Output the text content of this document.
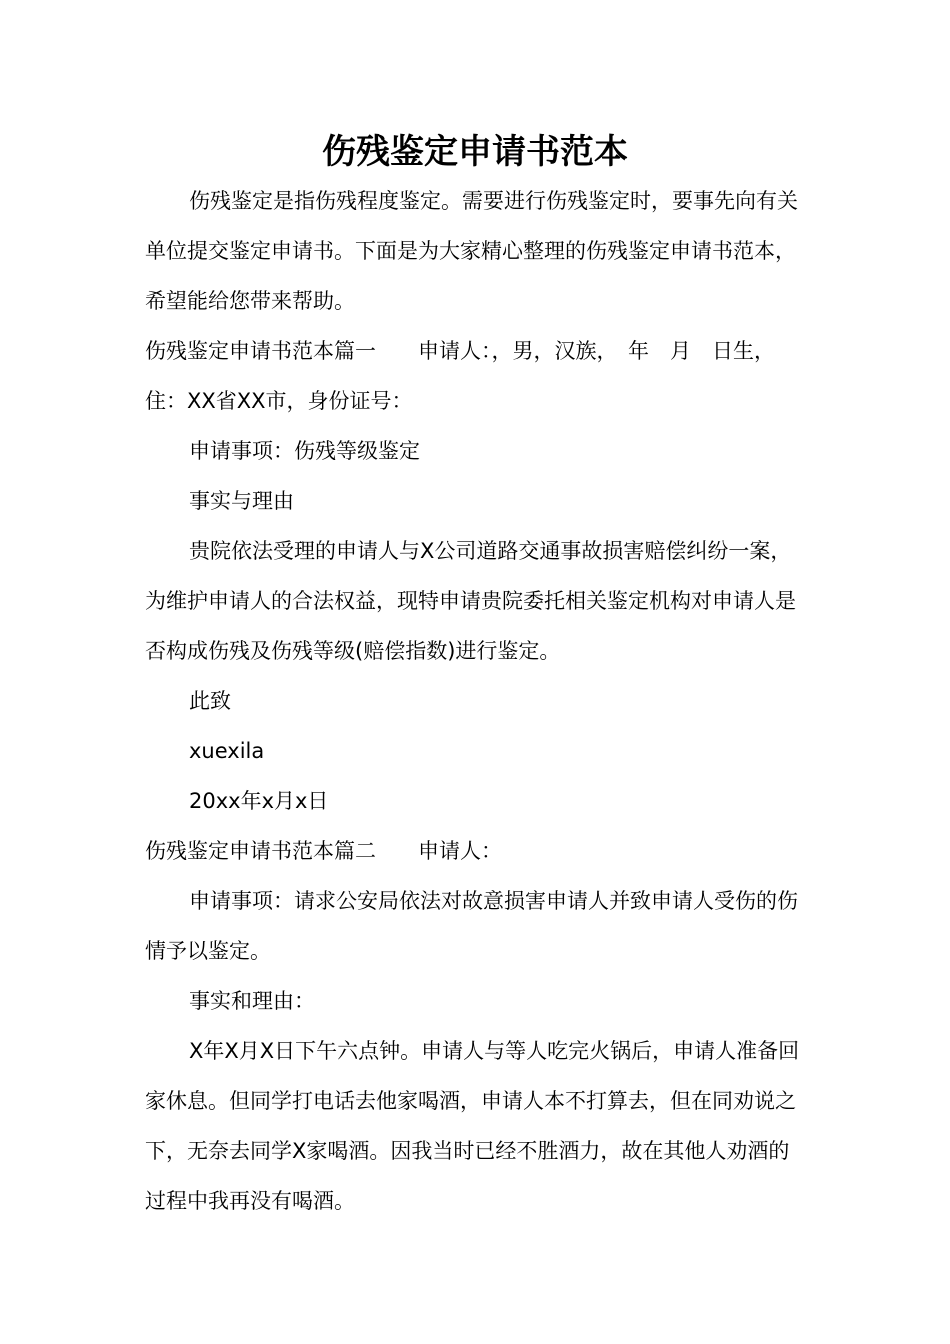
伤残鉴定申请书范本

伤残鉴定是指伤残程度鉴定。需要进行伤残鉴定时，要事先向有关单位提交鉴定申请书。下面是为大家精心整理的伤残鉴定申请书范本，希望能给您带来帮助。

伤残鉴定申请书范本篇一　　申请人：，男，汉族，　年　月　日生，

住：XX省XX市，身份证号：

申请事项：伤残等级鉴定

事实与理由

贵院依法受理的申请人与X公司道路交通事故损害赔偿纠纷一案，为维护申请人的合法权益，现特申请贵院委托相关鉴定机构对申请人是否构成伤残及伤残等级(赔偿指数)进行鉴定。

此致

xuexila

20xx年x月x日

伤残鉴定申请书范本篇二　　申请人：

申请事项：请求公安局依法对故意损害申请人并致申请人受伤的伤情予以鉴定。

事实和理由：

X年X月X日下午六点钟。申请人与等人吃完火锅后，申请人准备回家休息。但同学打电话去他家喝酒，申请人本不打算去，但在同劝说之下，无奈去同学X家喝酒。因我当时已经不胜酒力，故在其他人劝酒的过程中我再没有喝酒。
